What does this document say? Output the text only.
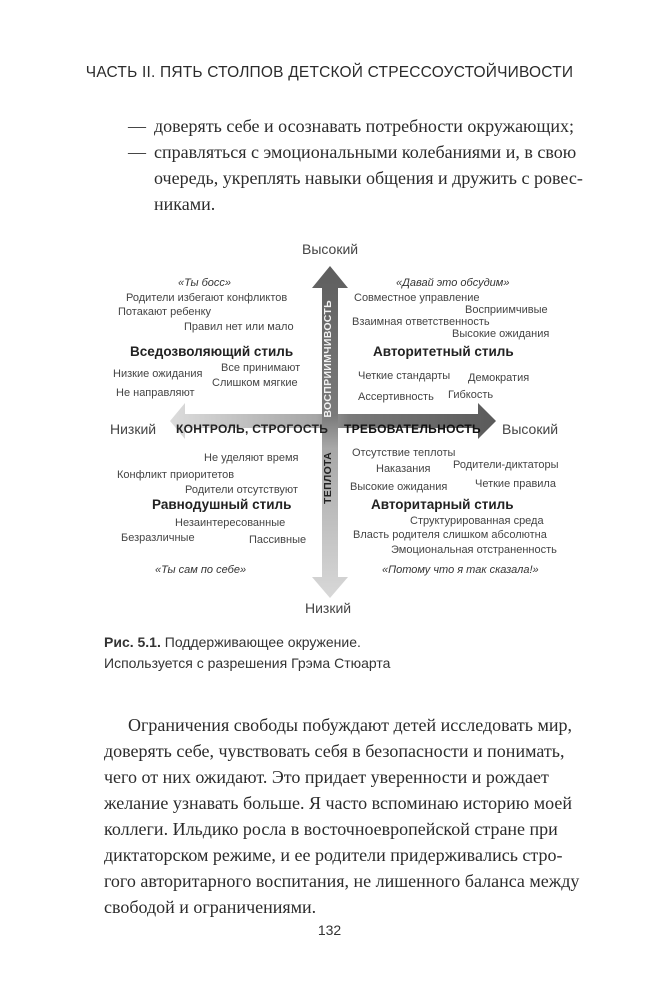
ЧАСТЬ II. ПЯТЬ СТОЛПОВ ДЕТСКОЙ СТРЕССОУСТОЙЧИВОСТИ
— доверять себе и осознавать потребности окружающих;
— справляться с эмоциональными колебаниями и, в свою
очередь, укреплять навыки общения и дружить с ровес-
никами.
Высокий
Низкий
Низкий	Высокий
КОНТРОЛЬ, СТРОГОСТЬ ТРЕБОВАТЕЛЬНОСТЬ
ВОСПРИИМЧИВОСТЬ
ТЕПЛОТА
«Ты босс»
Родители избегают конфликтов
Потакают ребенку
Правил нет или мало
Вседозволяющий стиль
Все принимают
Низкие ожидания
Слишком мягкие
Не направляют
«Давай это обсудим»
Совместное управление
Восприимчивые
Взаимная ответственность
Высокие ожидания
Авторитетный стиль
Четкие стандарты Демократия
Ассертивность Гибкость
Не уделяют время
Конфликт приоритетов
Родители отсутствуют
Равнодушный стиль
Незаинтересованные
Безразличные	Пассивные
«Ты сам по себе»
Отсутствие теплоты
Наказания Родители-диктаторы
Высокие ожидания	Четкие правила
Авторитарный стиль
Структурированная среда
Власть родителя слишком абсолютна
Эмоциональная отстраненность
«Потому что я так сказала!»
Рис. 5.1. Поддерживающее окружение.
Используется с разрешения Грэма Стюарта
Ограничения свободы побуждают детей исследовать мир,
доверять себе, чувствовать себя в безопасности и понимать,
чего от них ожидают. Это придает уверенности и рождает
желание узнавать больше. Я часто вспоминаю историю моей
коллеги. Ильдико росла в восточноевропейской стране при
диктаторском режиме, и ее родители придерживались стро-
гого авторитарного воспитания, не лишенного баланса между
свободой и ограничениями.
132
